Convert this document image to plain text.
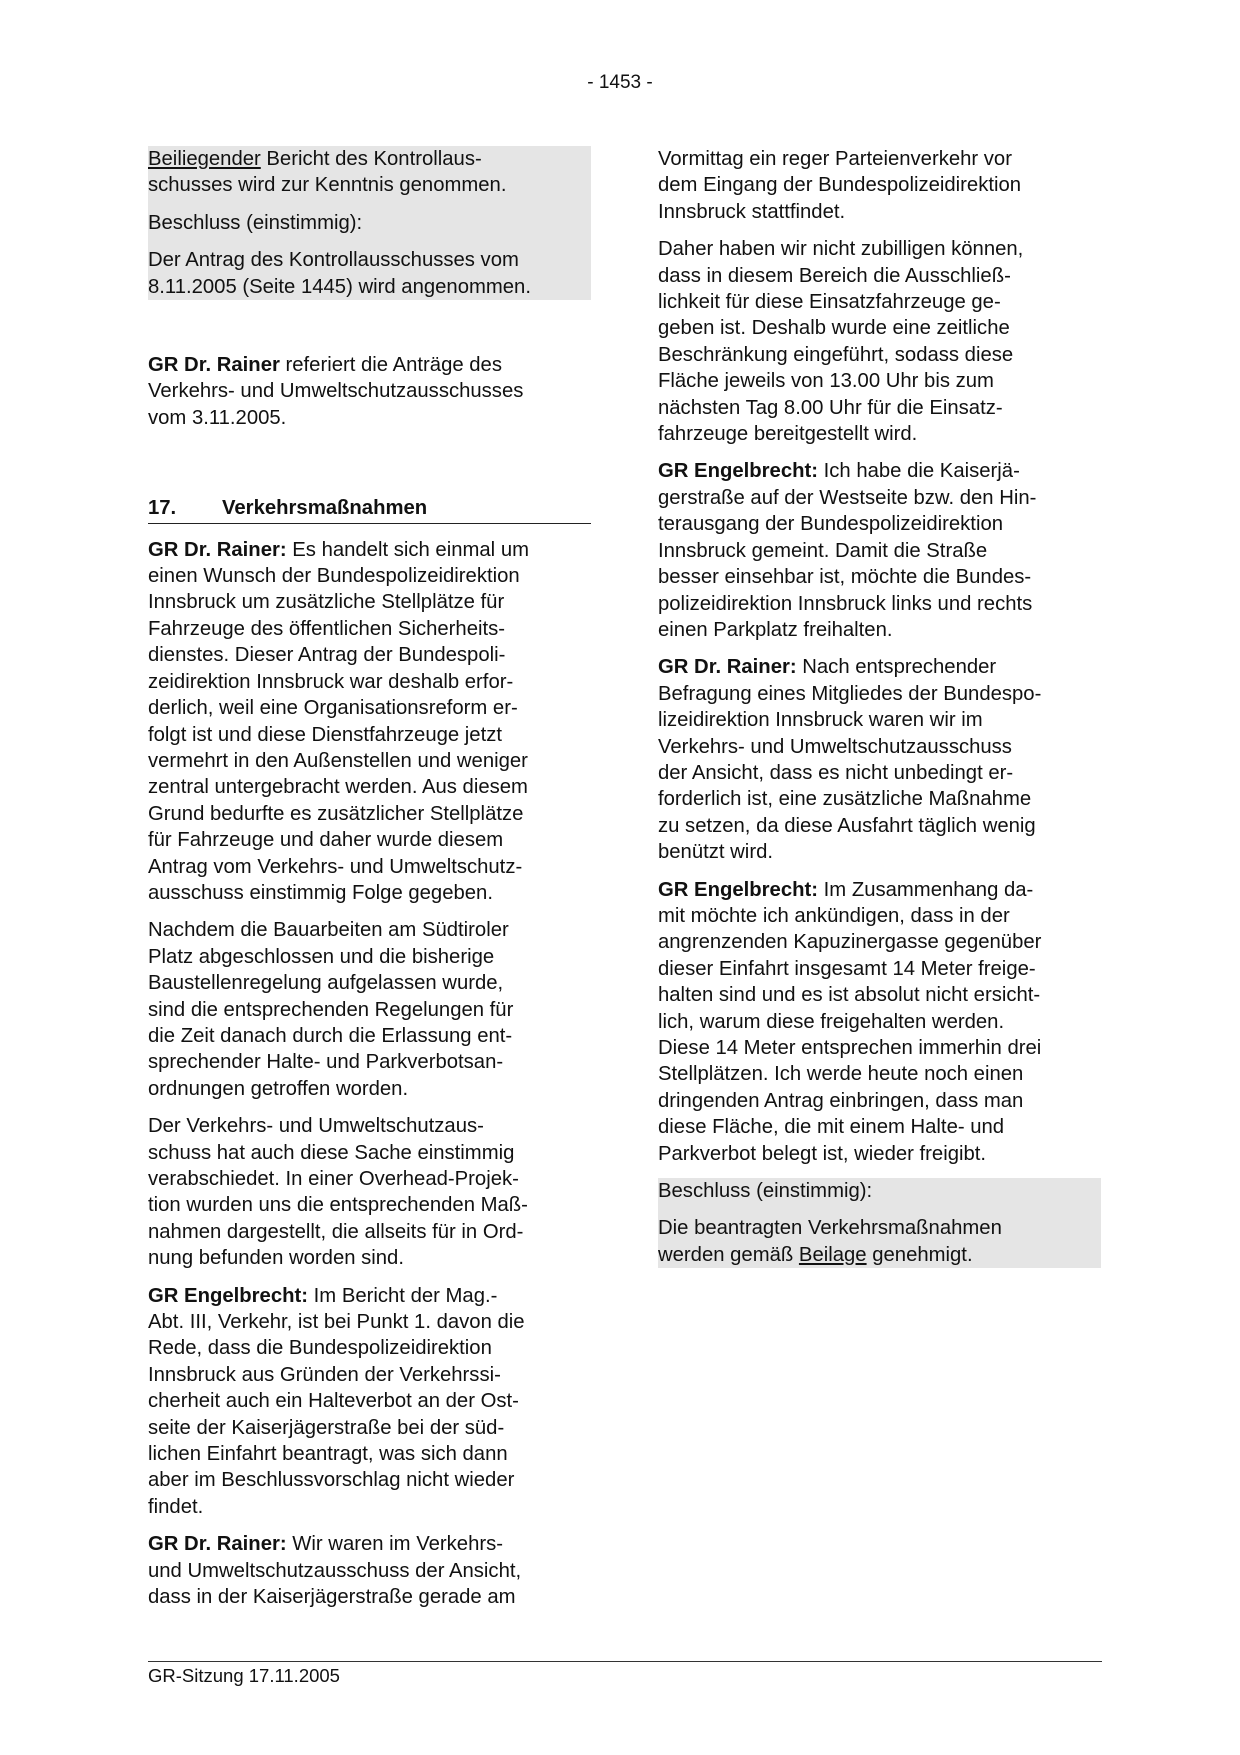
- 1453 -

Beiliegender Bericht des Kontrollaus-
schusses wird zur Kenntnis genommen.

Beschluss (einstimmig):

Der Antrag des Kontrollausschusses vom
8.11.2005 (Seite 1445) wird angenommen.

GR Dr. Rainer referiert die Anträge des
Verkehrs- und Umweltschutzausschusses
vom 3.11.2005.

17.	Verkehrsmaßnahmen

GR Dr. Rainer: Es handelt sich einmal um
einen Wunsch der Bundespolizeidirektion
Innsbruck um zusätzliche Stellplätze für
Fahrzeuge des öffentlichen Sicherheits-
dienstes. Dieser Antrag der Bundespoli-
zeidirektion Innsbruck war deshalb erfor-
derlich, weil eine Organisationsreform er-
folgt ist und diese Dienstfahrzeuge jetzt
vermehrt in den Außenstellen und weniger
zentral untergebracht werden. Aus diesem
Grund bedurfte es zusätzlicher Stellplätze
für Fahrzeuge und daher wurde diesem
Antrag vom Verkehrs- und Umweltschutz-
ausschuss einstimmig Folge gegeben.

Nachdem die Bauarbeiten am Südtiroler
Platz abgeschlossen und die bisherige
Baustellenregelung aufgelassen wurde,
sind die entsprechenden Regelungen für
die Zeit danach durch die Erlassung ent-
sprechender Halte- und Parkverbotsan-
ordnungen getroffen worden.

Der Verkehrs- und Umweltschutzaus-
schuss hat auch diese Sache einstimmig
verabschiedet. In einer Overhead-Projek-
tion wurden uns die entsprechenden Maß-
nahmen dargestellt, die allseits für in Ord-
nung befunden worden sind.

GR Engelbrecht: Im Bericht der Mag.-
Abt. III, Verkehr, ist bei Punkt 1. davon die
Rede, dass die Bundespolizeidirektion
Innsbruck aus Gründen der Verkehrssi-
cherheit auch ein Halteverbot an der Ost-
seite der Kaiserjägerstraße bei der süd-
lichen Einfahrt beantragt, was sich dann
aber im Beschlussvorschlag nicht wieder
findet.

GR Dr. Rainer: Wir waren im Verkehrs-
und Umweltschutzausschuss der Ansicht,
dass in der Kaiserjägerstraße gerade am

Vormittag ein reger Parteienverkehr vor
dem Eingang der Bundespolizeidirektion
Innsbruck stattfindet.

Daher haben wir nicht zubilligen können,
dass in diesem Bereich die Ausschließ-
lichkeit für diese Einsatzfahrzeuge ge-
geben ist. Deshalb wurde eine zeitliche
Beschränkung eingeführt, sodass diese
Fläche jeweils von 13.00 Uhr bis zum
nächsten Tag 8.00 Uhr für die Einsatz-
fahrzeuge bereitgestellt wird.

GR Engelbrecht: Ich habe die Kaiserjä-
gerstraße auf der Westseite bzw. den Hin-
terausgang der Bundespolizeidirektion
Innsbruck gemeint. Damit die Straße
besser einsehbar ist, möchte die Bundes-
polizeidirektion Innsbruck links und rechts
einen Parkplatz freihalten.

GR Dr. Rainer: Nach entsprechender
Befragung eines Mitgliedes der Bundespo-
lizeidirektion Innsbruck waren wir im
Verkehrs- und Umweltschutzausschuss
der Ansicht, dass es nicht unbedingt er-
forderlich ist, eine zusätzliche Maßnahme
zu setzen, da diese Ausfahrt täglich wenig
benützt wird.

GR Engelbrecht: Im Zusammenhang da-
mit möchte ich ankündigen, dass in der
angrenzenden Kapuzinergasse gegenüber
dieser Einfahrt insgesamt 14 Meter freige-
halten sind und es ist absolut nicht ersicht-
lich, warum diese freigehalten werden.
Diese 14 Meter entsprechen immerhin drei
Stellplätzen. Ich werde heute noch einen
dringenden Antrag einbringen, dass man
diese Fläche, die mit einem Halte- und
Parkverbot belegt ist, wieder freigibt.

Beschluss (einstimmig):

Die beantragten Verkehrsmaßnahmen
werden gemäß Beilage genehmigt.

GR-Sitzung 17.11.2005
